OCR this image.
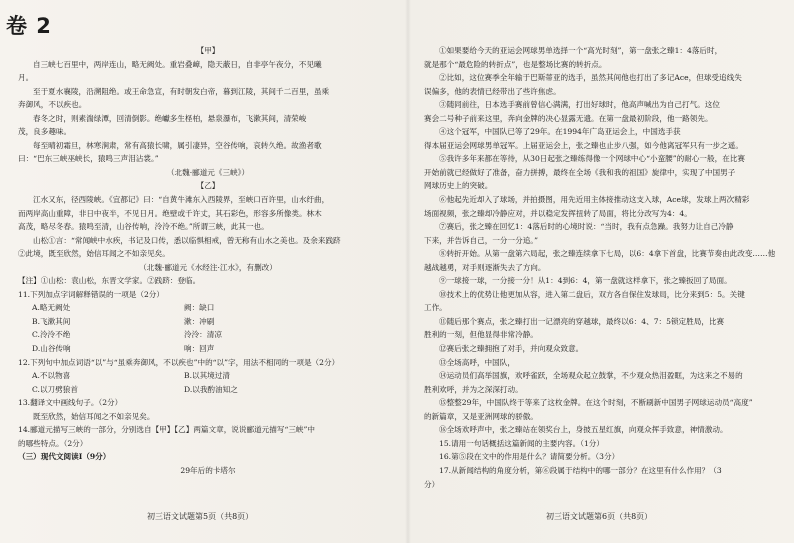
卷 2
【甲】
自三峡七百里中，两岸连山，略无阙处。重岩叠嶂，隐天蔽日，自非亭午夜分，不见曦
月。
至于夏水襄陵，沿溯阻绝。或王命急宣，有时朝发白帝，暮到江陵，其间千二百里，虽乘
奔御风，不以疾也。
春冬之时，则素湍绿潭，回清倒影。绝巘多生柽柏，悬泉瀑布，飞漱其间，清荣峻
茂，良多趣味。
每至晴初霜旦，林寒涧肃，常有高猿长啸，属引凄异，空谷传响，哀转久绝。故渔者歌
曰：“巴东三峡巫峡长，猿鸣三声泪沾裳。”
（北魏·郦道元《三峡》）
【乙】
江水又东，径西陵峡。《宜都记》曰：“自黄牛滩东入西陵界，至峡口百许里，山水纡曲，
而两岸高山重障，非日中夜半，不见日月。绝壁或千许丈，其石彩色，形容多所像类。林木
高茂，略尽冬春。猿鸣至清，山谷传响，泠泠不绝。”所谓三峡，此其一也。
山松①言：“常闻峡中水疾，书记及口传，悉以临惧相戒，曾无称有山水之美也。及余来践跻
②此境，既至欣然，始信耳闻之不如亲见矣。
（北魏·郦道元《水经注·江水》，有删改）
【注】①山松：袁山松，东晋文学家。②践跻：登临。
11.下列加点字词解释错误的一项是（2分）
A.略无阙处	阙：缺口
B.飞漱其间	漱：冲刷
C.泠泠不绝	泠泠：清凉
D.山谷传响	响：回声
12.下列句中加点词语“以”与“虽乘奔御风，不以疾也”中的“以”字，用法不相同的一项是（2分）
A.不以物喜	B.以其境过清
C.以刀劈狼首	D.以我酌油知之
13.翻译文中画线句子。（2分）
既至欣然，始信耳闻之不如亲见矣。
14.郦道元描写三峡的一部分，分别选自【甲】【乙】两篇文章，说说郦道元描写“三峡”中
的哪些特点。（2分）
（三）现代文阅读Ⅰ（9分）
29年后的卡塔尔
①如果要给今天的亚运会网球男单选择一个“高光时刻”，第一盘张之臻1：4落后时，
就是那个“最危险的转折点”，也是整场比赛的转折点。
②比如，这位赛季全年输于巴斯蒂亚的选手，虽然其间他也打出了多记Ace，但球受追线失
误偏多，他的表情已经带出了些许焦虑。
③随同前往，日本选手赛前曾信心满满，打出好球时，他高声喊出为自己打气。这位
赛会二号种子前来这里，奔向金牌的决心显露无遗。在第一盘最初阶段，他一路领先。
④这个冠军，中国队已等了29年。在1994年广岛亚运会上，中国选手获
得本届亚运会网球男单冠军。上届亚运会上，张之臻也止步八强，如今他离冠军只有一步之遥。
⑤我许多年来都在等待，从30日起张之臻练得像一个网球中心“小蛮腰”的耐心一般，在比赛
开始前就已经做好了准备，奋力拼搏，最终在全场《我和我的祖国》旋律中，实现了中国男子
网球历史上的突破。
⑥他起先近却入了球场，并拍摄图，用先近用主体接推动这支入球，Ace球，发球上两次精彩
场面视频，张之臻却冷静应对，并以稳定发挥扭转了局面，将比分改写为4：4。
⑦赛后，张之臻在回忆1：4落后时的心境时说：“当时，我有点急躁。我努力让自己冷静
下来，并告诉自己，一分一分追。”
⑧转折开始。从第一盘第六局起，张之臻连续拿下七局，以6：4拿下首盘，比赛节奏由此改变……他
越战越勇，对手则逐渐失去了方向。
⑨一球接一球，一分接一分！从1：4到6：4，第一盘就这样拿下，张之臻扳回了局面。
⑩技术上的优势让他更加从容，进入第二盘后，双方各自保住发球局，比分来到5：5。关键
工作。
⑪随后那个赛点，张之臻打出一记漂亮的穿越球，最终以6：4、7：5锁定胜局，比赛
胜利的一刻，但他显得非常冷静。
⑫赛后张之臻拥抱了对手，并向观众致意。
⑬全场高呼，中国队，
⑭运动员们高举国旗，欢呼雀跃，全场观众起立鼓掌，不少观众热泪盈眶，为这来之不易的
胜利欢呼，并为之深深打动。
⑮整整29年，中国队终于等来了这枚金牌。在这个时刻，不断刷新中国男子网球运动员“高度”
的新篇章，又是亚洲网球的骄傲。
⑯全场欢呼声中，张之臻站在领奖台上，身披五星红旗，向观众挥手致意，神情激动。
15.请用一句话概括这篇新闻的主要内容。（1分）
16.第⑤段在文中的作用是什么？请简要分析。（3分）
17.从新闻结构的角度分析，第⑥段属于结构中的哪一部分？在这里有什么作用？（3
分）
初三语文试题第5页（共8页）	初三语文试题第6页（共8页）
